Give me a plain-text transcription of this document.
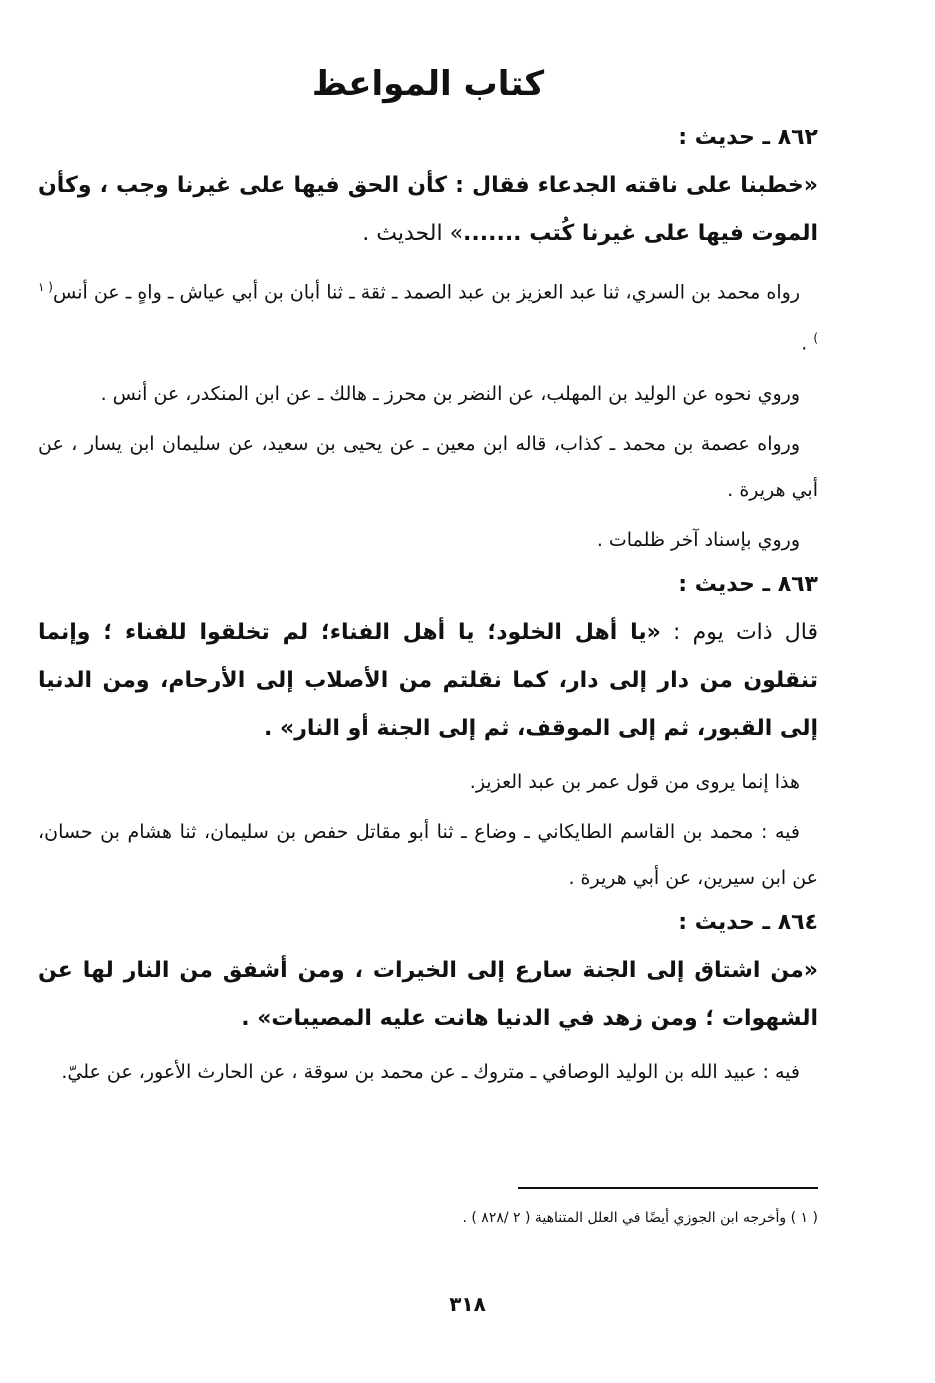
كتاب المواعظ
٨٦٢ ـ حديث :
«خطبنا على ناقته الجدعاء فقال : كأن الحق فيها على غيرنا وجب ، وكأن الموت فيها على غيرنا كُتب .......» الحديث .
رواه محمد بن السري، ثنا عبد العزيز بن عبد الصمد ـ ثقة ـ ثنا أبان بن أبي عياش ـ واهٍ ـ عن أنس$^{( ١ )}$ .
وروي نحوه عن الوليد بن المهلب، عن النضر بن محرز ـ هالك ـ عن ابن المنكدر، عن أنس .
ورواه عصمة بن محمد ـ كذاب، قاله ابن معين ـ عن يحيى بن سعيد، عن سليمان ابن يسار ، عن أبي هريرة .
وروي بإسناد آخر ظلمات .
٨٦٣ ـ حديث :
قال ذات يوم : «يا أهل الخلود؛ يا أهل الفناء؛ لم تخلقوا للفناء ؛ وإنما تنقلون من دار إلى دار، كما نقلتم من الأصلاب إلى الأرحام، ومن الدنيا إلى القبور، ثم إلى الموقف، ثم إلى الجنة أو النار» .
هذا إنما يروى من قول عمر بن عبد العزيز.
فيه : محمد بن القاسم الطايكاني ـ وضاع ـ ثنا أبو مقاتل حفص بن سليمان، ثنا هشام بن حسان، عن ابن سيرين، عن أبي هريرة .
٨٦٤ ـ حديث :
«من اشتاق إلى الجنة سارع إلى الخيرات ، ومن أشفق من النار لها عن الشهوات ؛ ومن زهد في الدنيا هانت عليه المصيبات» .
فيه : عبيد الله بن الوليد الوصافي ـ متروك ـ عن محمد بن سوقة ، عن الحارث الأعور، عن عليّ.
( ١ ) وأخرجه ابن الجوزي أيضًا في العلل المتناهية ( ٢ /٨٢٨ ) .
٣١٨
